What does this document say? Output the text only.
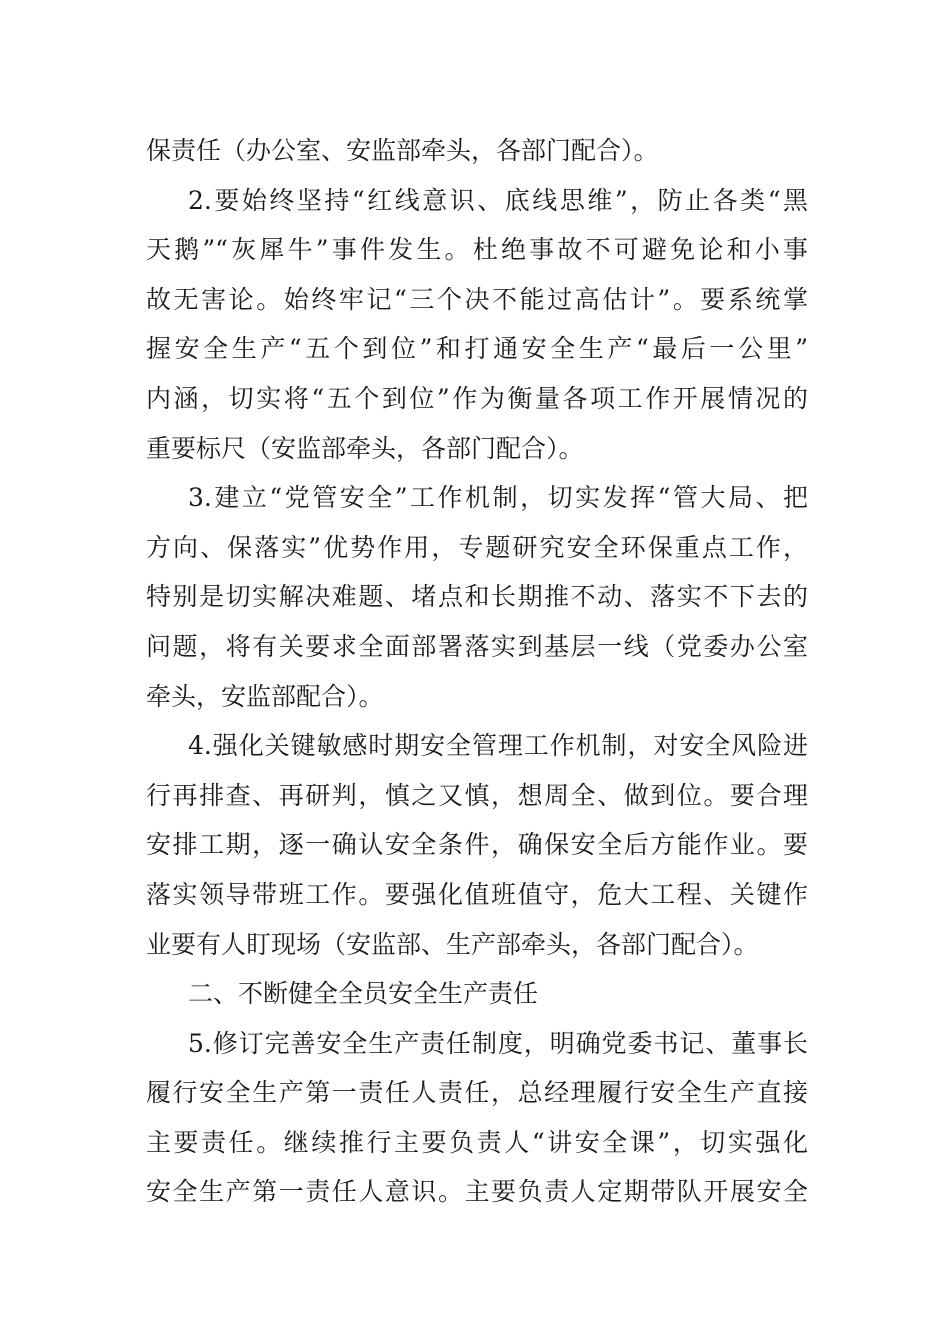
保责任（办公室、安监部牵头，各部门配合）。
2.要始终坚持“红线意识、底线思维”，防止各类“黑
天鹅”“灰犀牛”事件发生。杜绝事故不可避免论和小事
故无害论。始终牢记“三个决不能过高估计”。要系统掌
握安全生产“五个到位”和打通安全生产“最后一公里”
内涵，切实将“五个到位”作为衡量各项工作开展情况的
重要标尺（安监部牵头，各部门配合）。
3.建立“党管安全”工作机制，切实发挥“管大局、把
方向、保落实”优势作用，专题研究安全环保重点工作，
特别是切实解决难题、堵点和长期推不动、落实不下去的
问题，将有关要求全面部署落实到基层一线（党委办公室
牵头，安监部配合）。
4.强化关键敏感时期安全管理工作机制，对安全风险进
行再排查、再研判，慎之又慎，想周全、做到位。要合理
安排工期，逐一确认安全条件，确保安全后方能作业。要
落实领导带班工作。要强化值班值守，危大工程、关键作
业要有人盯现场（安监部、生产部牵头，各部门配合）。
二、不断健全全员安全生产责任
5.修订完善安全生产责任制度，明确党委书记、董事长
履行安全生产第一责任人责任，总经理履行安全生产直接
主要责任。继续推行主要负责人“讲安全课”，切实强化
安全生产第一责任人意识。主要负责人定期带队开展安全
